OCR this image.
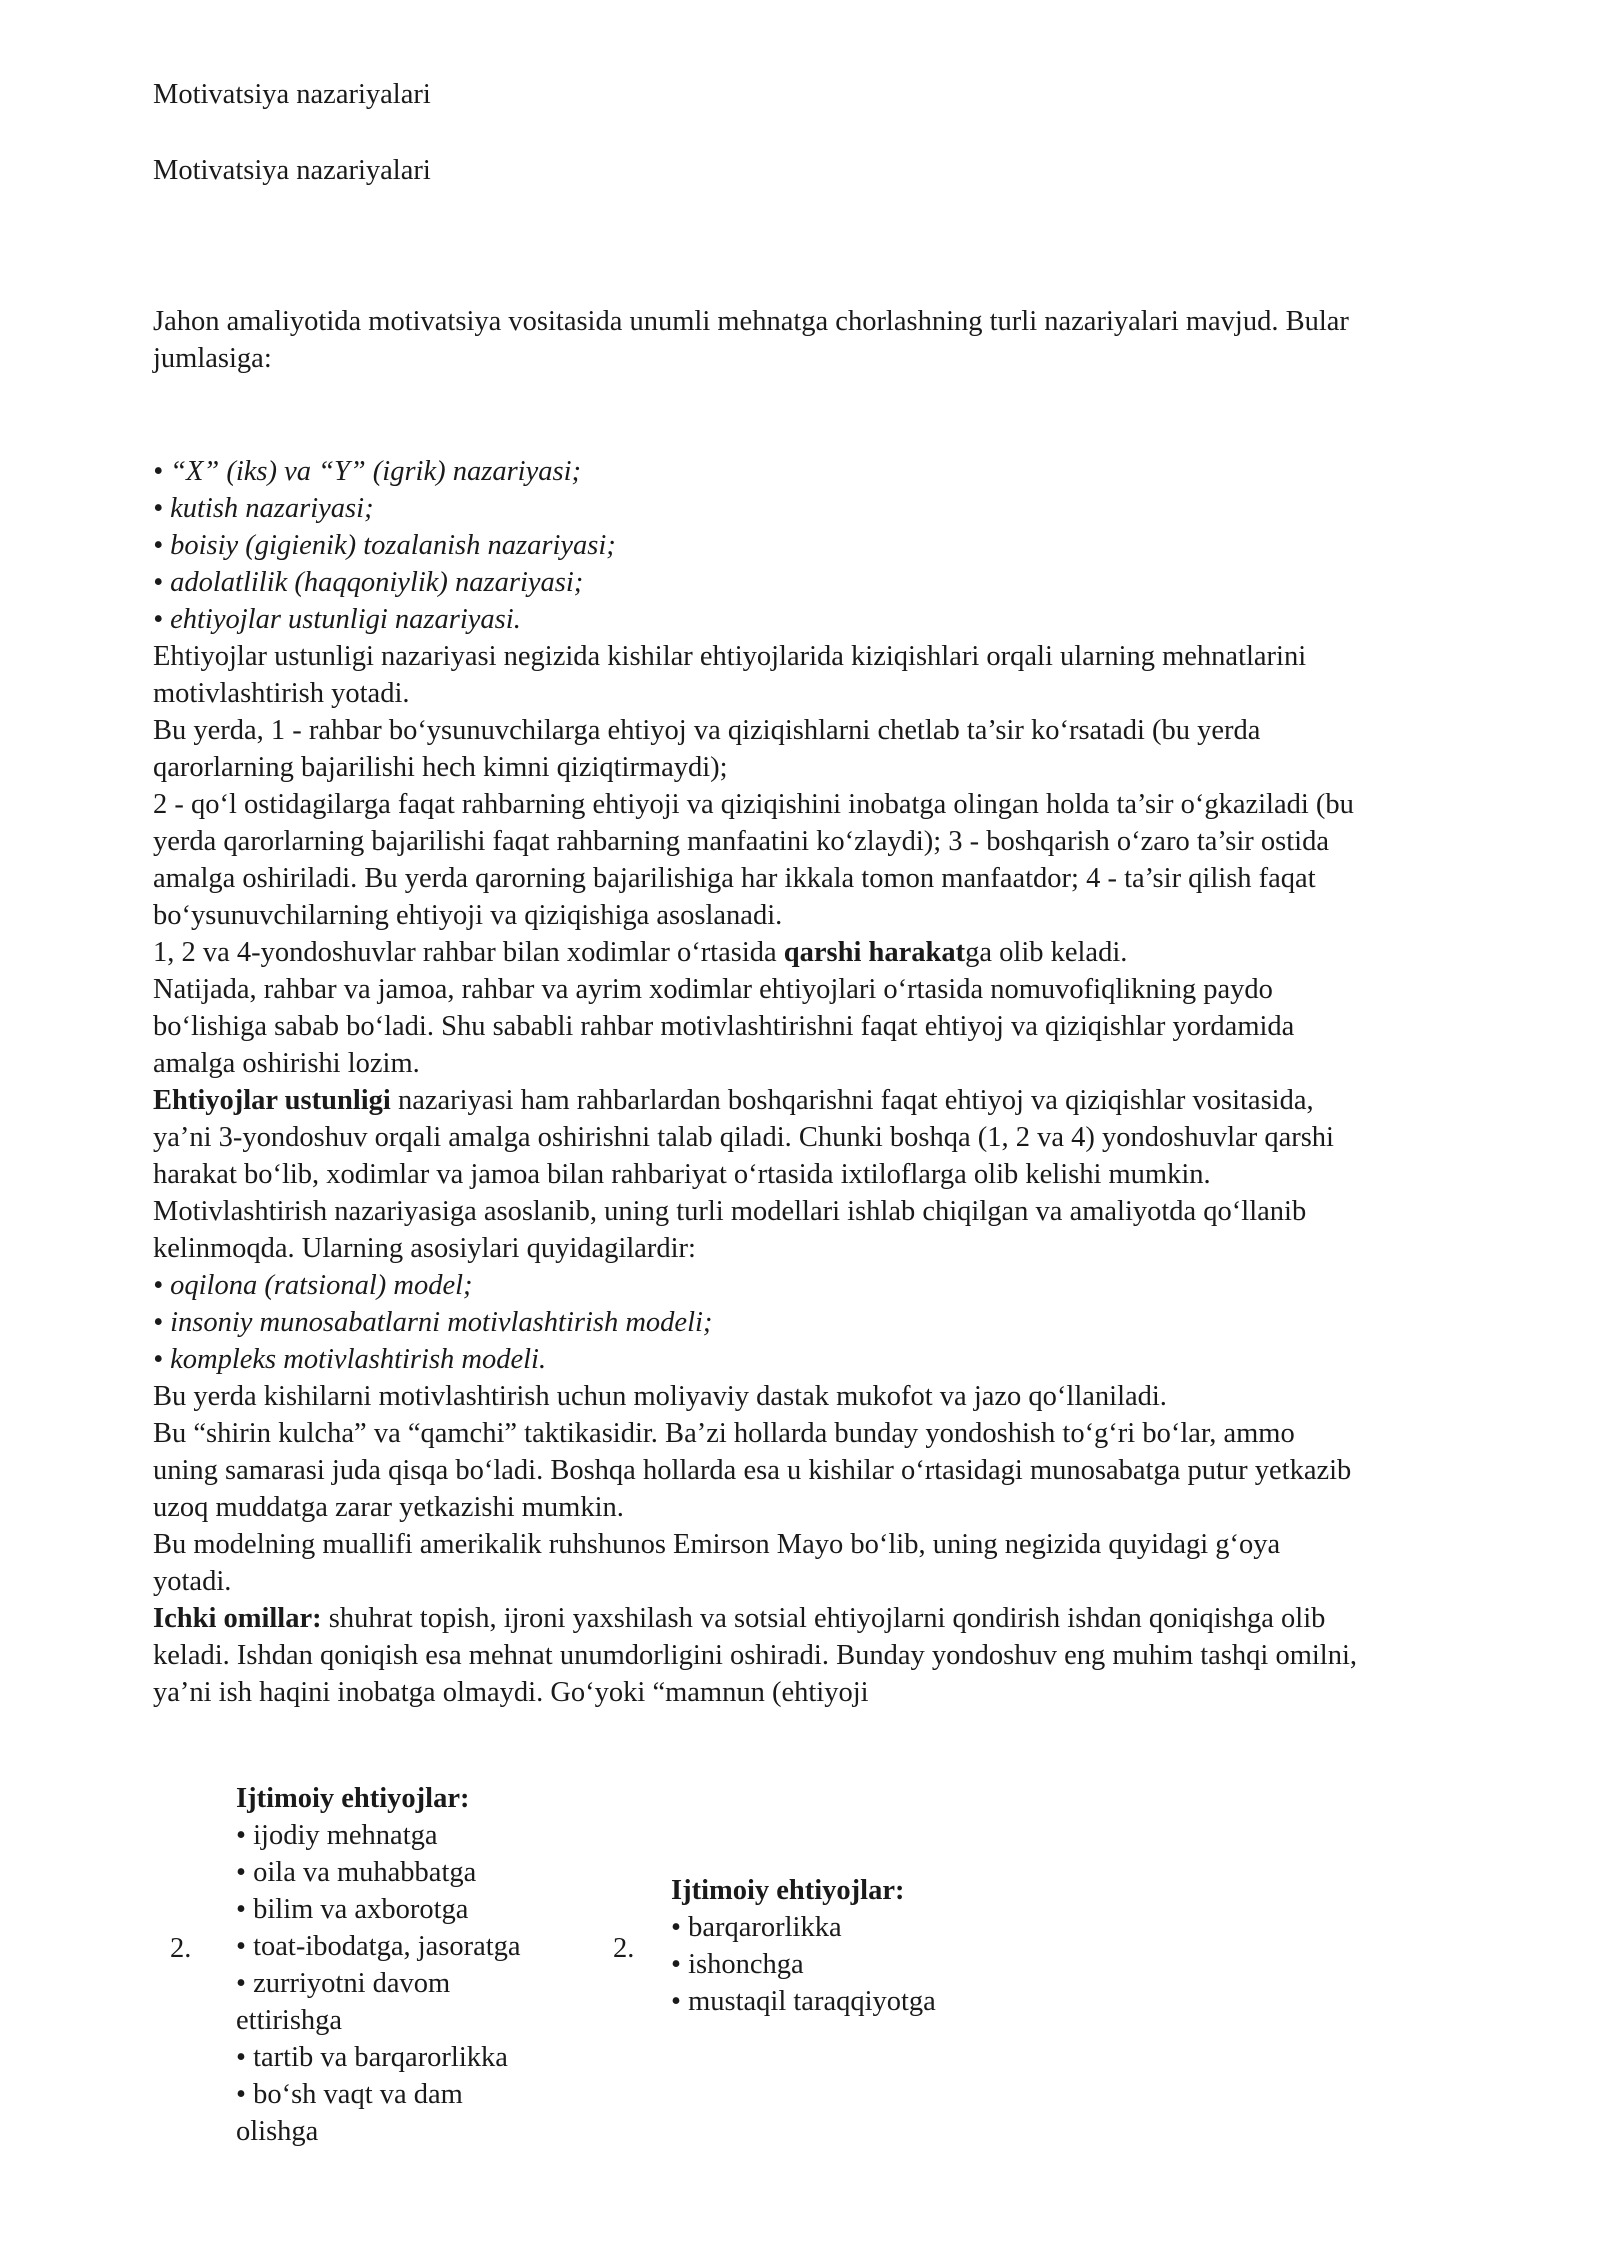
Motivatsiya nazariyalari

Motivatsiya nazariyalari

Jahon amaliyotida motivatsiya vositasida unumli mehnatga chorlashning turli nazariyalari mavjud. Bular

jumlasiga:

• “X” (iks) va “Y” (igrik) nazariyasi;

• kutish nazariyasi;

• boisiy (gigienik) tozalanish nazariyasi;

• adolatlilik (haqqoniylik) nazariyasi;

• ehtiyojlar ustunligi nazariyasi.

Ehtiyojlar ustunligi nazariyasi negizida kishilar ehtiyojlarida kiziqishlari orqali ularning mehnatlarini

motivlashtirish yotadi.

Bu yerda, 1 - rahbar bo‘ysunuvchilarga ehtiyoj va qiziqishlarni chetlab ta’sir ko‘rsatadi (bu yerda

qarorlarning bajarilishi hech kimni qiziqtirmaydi);

2 - qo‘l ostidagilarga faqat rahbarning ehtiyoji va qiziqishini inobatga olingan holda ta’sir o‘gkaziladi (bu

yerda qarorlarning bajarilishi faqat rahbarning manfaatini ko‘zlaydi); 3 - boshqarish o‘zaro ta’sir ostida

amalga oshiriladi. Bu yerda qarorning bajarilishiga har ikkala tomon manfaatdor; 4 - ta’sir qilish faqat

bo‘ysunuvchilarning ehtiyoji va qiziqishiga asoslanadi.

1, 2 va 4-yondoshuvlar rahbar bilan xodimlar o‘rtasida qarshi harakatga olib keladi.

Natijada, rahbar va jamoa, rahbar va ayrim xodimlar ehtiyojlari o‘rtasida nomuvofiqlikning paydo

bo‘lishiga sabab bo‘ladi. Shu sababli rahbar motivlashtirishni faqat ehtiyoj va qiziqishlar yordamida

amalga oshirishi lozim.

Ehtiyojlar ustunligi nazariyasi ham rahbarlardan boshqarishni faqat ehtiyoj va qiziqishlar vositasida,

ya’ni 3-yondoshuv orqali amalga oshirishni talab qiladi. Chunki boshqa (1, 2 va 4) yondoshuvlar qarshi

harakat bo‘lib, xodimlar va jamoa bilan rahbariyat o‘rtasida ixtiloflarga olib kelishi mumkin.

Motivlashtirish nazariyasiga asoslanib, uning turli modellari ishlab chiqilgan va amaliyotda qo‘llanib

kelinmoqda. Ularning asosiylari quyidagilardir:

• oqilona (ratsional) model;

• insoniy munosabatlarni motivlashtirish modeli;

• kompleks motivlashtirish modeli.

Bu yerda kishilarni motivlashtirish uchun moliyaviy dastak mukofot va jazo qo‘llaniladi.

Bu “shirin kulcha” va “qamchi” taktikasidir. Ba’zi hollarda bunday yondoshish to‘g‘ri bo‘lar, ammo

uning samarasi juda qisqa bo‘ladi. Boshqa hollarda esa u kishilar o‘rtasidagi munosabatga putur yetkazib

uzoq muddatga zarar yetkazishi mumkin.

Bu modelning muallifi amerikalik ruhshunos Emirson Mayo bo‘lib, uning negizida quyidagi g‘oya

yotadi.

Ichki omillar: shuhrat topish, ijroni yaxshilash va sotsial ehtiyojlarni qondirish ishdan qoniqishga olib

keladi. Ishdan qoniqish esa mehnat unumdorligini oshiradi. Bunday yondoshuv eng muhim tashqi omilni,

ya’ni ish haqini inobatga olmaydi. Go‘yoki “mamnun (ehtiyoji

2.
Ijtimoiy ehtiyojlar:
• ijodiy mehnatga
• oila va muhabbatga
• bilim va axborotga
• toat-ibodatga, jasoratga
• zurriyotni davom
ettirishga
• tartib va barqarorlikka
• bo‘sh vaqt va dam
olishga
2.
Ijtimoiy ehtiyojlar:
• barqarorlikka
• ishonchga
• mustaqil taraqqiyotga
